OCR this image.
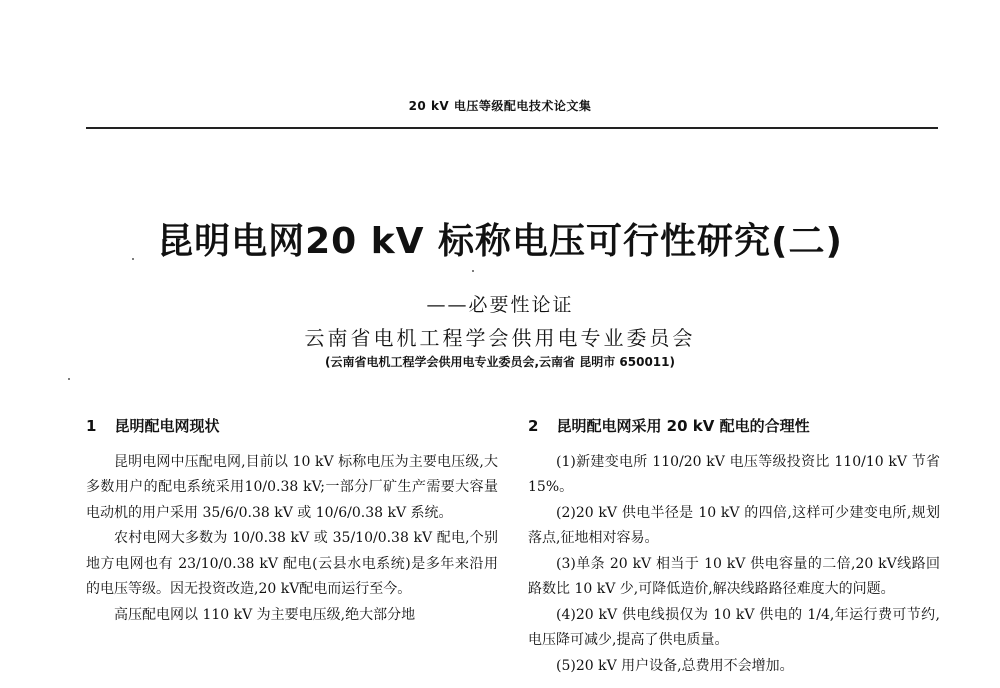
20 kV 电压等级配电技术论文集
昆明电网20 kV 标称电压可行性研究(二)
——必要性论证
云南省电机工程学会供用电专业委员会
(云南省电机工程学会供用电专业委员会,云南省 昆明市 650011)
1 昆明配电网现状

昆明电网中压配电网,目前以 10 kV 标称电压为主要电压级,大多数用户的配电系统采用10/0.38 kV;一部分厂矿生产需要大容量电动机的用户采用 35/6/0.38 kV 或 10/6/0.38 kV 系统。

农村电网大多数为 10/0.38 kV 或 35/10/0.38 kV 配电,个别地方电网也有 23/10/0.38 kV 配电(云县水电系统)是多年来沿用的电压等级。因无投资改造,20 kV配电而运行至今。

高压配电网以 110 kV 为主要电压级,绝大部分地

2 昆明配电网采用 20 kV 配电的合理性

(1)新建变电所 110/20 kV 电压等级投资比 110/10 kV 节省 15%。

(2)20 kV 供电半径是 10 kV 的四倍,这样可少建变电所,规划落点,征地相对容易。

(3)单条 20 kV 相当于 10 kV 供电容量的二倍,20 kV线路回路数比 10 kV 少,可降低造价,解决线路路径难度大的问题。

(4)20 kV 供电线损仅为 10 kV 供电的 1/4,年运行费可节约,电压降可减少,提高了供电质量。

(5)20 kV 用户设备,总费用不会增加。
